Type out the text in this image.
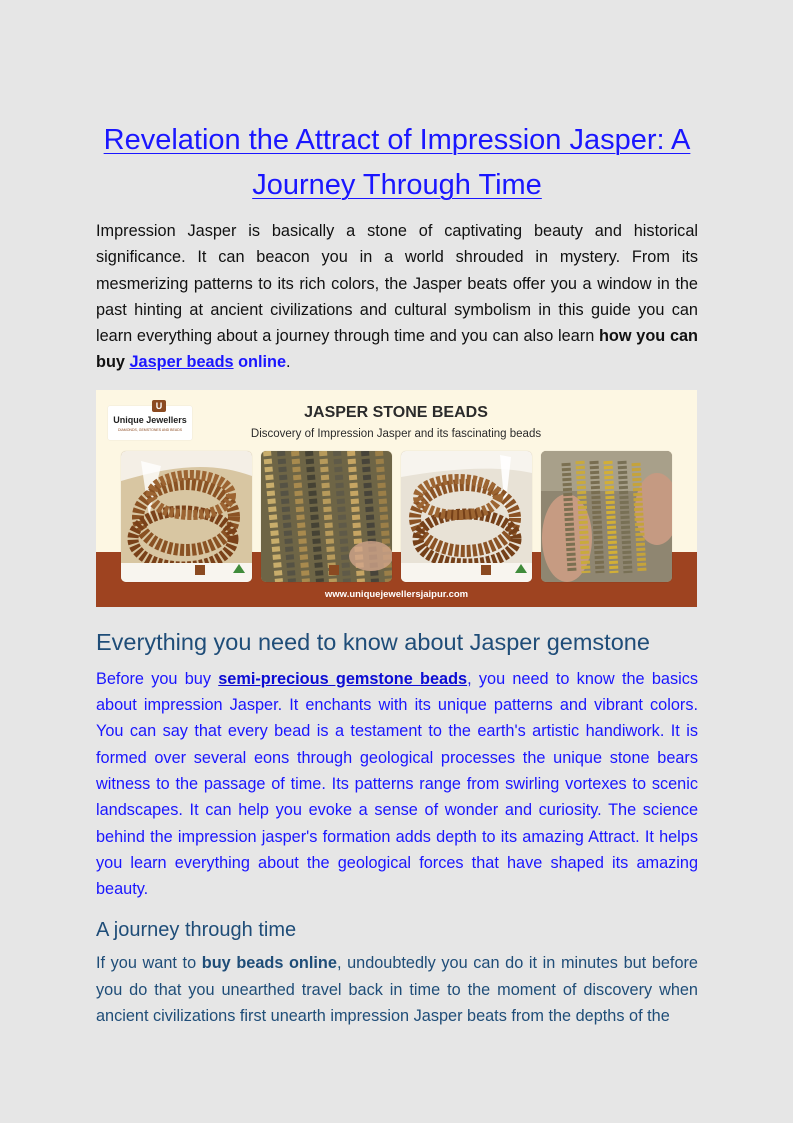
Revelation the Attract of Impression Jasper: A Journey Through Time

Impression Jasper is basically a stone of captivating beauty and historical significance. It can beacon you in a world shrouded in mystery. From its mesmerizing patterns to its rich colors, the Jasper beats offer you a window in the past hinting at ancient civilizations and cultural symbolism in this guide you can learn everything about a journey through time and you can also learn how you can buy Jasper beads online.

U
Unique Jewellers
DIAMONDS, GEMSTONES AND BEADS
JASPER STONE BEADS
Discovery of Impression Jasper and its fascinating beads
www.uniquejewellersjaipur.com
Everything you need to know about Jasper gemstone

Before you buy semi-precious gemstone beads, you need to know the basics about impression Jasper. It enchants with its unique patterns and vibrant colors. You can say that every bead is a testament to the earth's artistic handiwork. It is formed over several eons through geological processes the unique stone bears witness to the passage of time. Its patterns range from swirling vortexes to scenic landscapes. It can help you evoke a sense of wonder and curiosity. The science behind the impression jasper's formation adds depth to its amazing Attract. It helps you learn everything about the geological forces that have shaped its amazing beauty.

A journey through time

If you want to buy beads online, undoubtedly you can do it in minutes but before you do that you unearthed travel back in time to the moment of discovery when ancient civilizations first unearth impression Jasper beats from the depths of the
